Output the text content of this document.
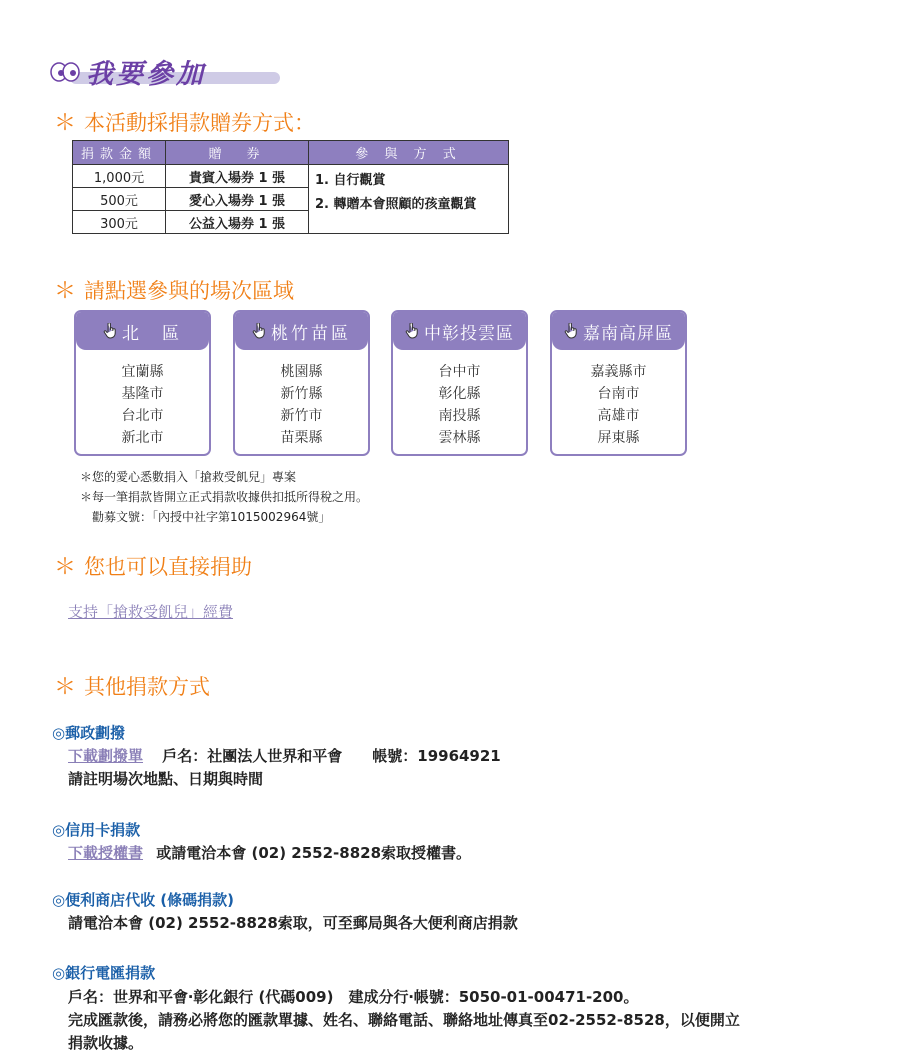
我要參加
＊ 本活動採捐款贈券方式：
捐款金額	贈　券	參 與 方 式
1,000元	貴賓入場券 1 張	1. 自行觀賞
2. 轉贈本會照顧的孩童觀賞

500元	愛心入場券 1 張	
300元	公益入場券 1 張	
＊ 請點選參與的場次區域
北　區
宜蘭縣
基隆市
台北市
新北市
桃竹苗區
桃園縣
新竹縣
新竹市
苗栗縣
中彰投雲區
台中市
彰化縣
南投縣
雲林縣
嘉南高屏區
嘉義縣市
台南市
高雄市
屏東縣
＊您的愛心悉數捐入「搶救受飢兒」專案
＊每一筆捐款皆開立正式捐款收據供扣抵所得稅之用。
勸募文號：「內授中社字第1015002964號」
＊ 您也可以直接捐助
支持「搶救受飢兒」經費
＊ 其他捐款方式
◎郵政劃撥
下載劃撥單 戶名：社團法人世界和平會　　帳號：19964921
請註明場次地點、日期與時間
◎信用卡捐款
下載授權書 或請電洽本會 (02) 2552-8828索取授權書。
◎便利商店代收 (條碼捐款)
請電洽本會 (02) 2552-8828索取，可至郵局與各大便利商店捐款
◎銀行電匯捐款
戶名：世界和平會‧彰化銀行 (代碼009)　建成分行‧帳號：5050-01-00471-200。
完成匯款後，請務必將您的匯款單據、姓名、聯絡電話、聯絡地址傳真至02-2552-8528，以便開立
捐款收據。
